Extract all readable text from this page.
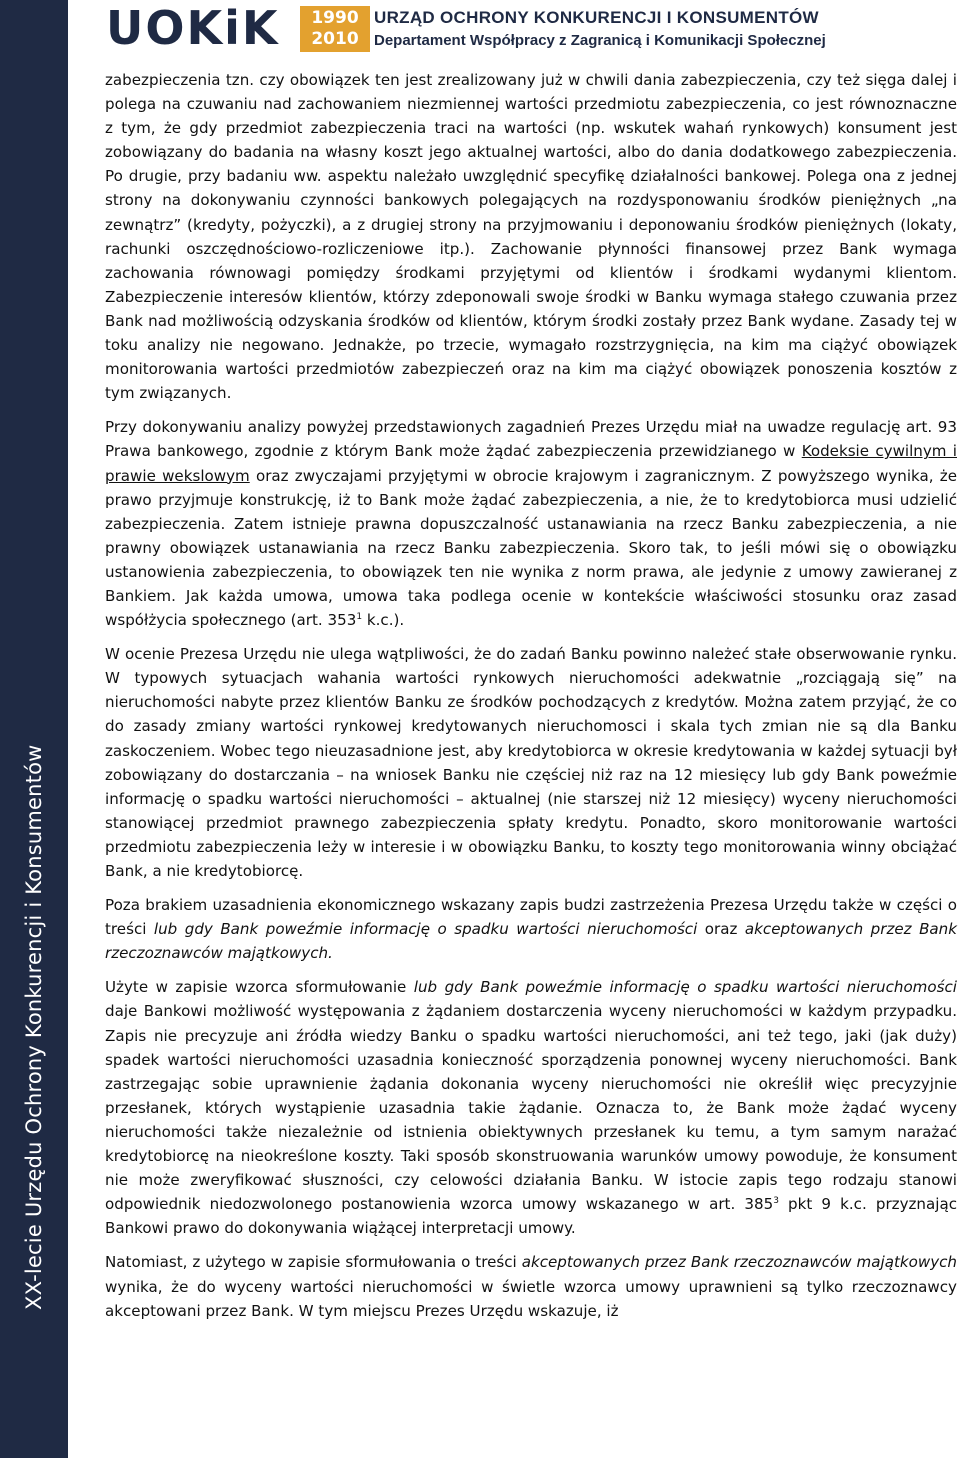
XX-lecie Urzędu Ochrony Konkurencji i Konsumentów
UOKiK	1990
2010
URZĄD OCHRONY KONKURENCJI I KONSUMENTÓW
Departament Współpracy z Zagranicą i Komunikacji Społecznej

zabezpieczenia tzn. czy obowiązek ten jest zrealizowany już w chwili dania zabezpieczenia, czy też sięga dalej i polega na czuwaniu nad zachowaniem niezmiennej wartości przedmiotu zabezpieczenia, co jest równoznaczne z tym, że gdy przedmiot zabezpieczenia traci na wartości (np. wskutek wahań rynkowych) konsument jest zobowiązany do badania na własny koszt jego aktualnej wartości, albo do dania dodatkowego zabezpieczenia. Po drugie, przy badaniu ww. aspektu należało uwzględnić specyfikę działalności bankowej. Polega ona z jednej strony na dokonywaniu czynności bankowych polegających na rozdysponowaniu środków pieniężnych „na zewnątrz” (kredyty, pożyczki), a z drugiej strony na przyjmowaniu i deponowaniu środków pieniężnych (lokaty, rachunki oszczędnościowo-rozliczeniowe itp.). Zachowanie płynności finansowej przez Bank wymaga zachowania równowagi pomiędzy środkami przyjętymi od klientów i środkami wydanymi klientom. Zabezpieczenie interesów klientów, którzy zdeponowali swoje środki w Banku wymaga stałego czuwania przez Bank nad możliwością odzyskania środków od klientów, którym środki zostały przez Bank wydane. Zasady tej w toku analizy nie negowano. Jednakże, po trzecie, wymagało rozstrzygnięcia, na kim ma ciążyć obowiązek monitorowania wartości przedmiotów zabezpieczeń oraz na kim ma ciążyć obowiązek ponoszenia kosztów z tym związanych.

Przy dokonywaniu analizy powyżej przedstawionych zagadnień Prezes Urzędu miał na uwadze regulację art. 93 Prawa bankowego, zgodnie z którym Bank może żądać zabezpieczenia przewidzianego w Kodeksie cywilnym i prawie wekslowym oraz zwyczajami przyjętymi w obrocie krajowym i zagranicznym. Z powyższego wynika, że prawo przyjmuje konstrukcję, iż to Bank może żądać zabezpieczenia, a nie, że to kredytobiorca musi udzielić zabezpieczenia. Zatem istnieje prawna dopuszczalność ustanawiania na rzecz Banku zabezpieczenia, a nie prawny obowiązek ustanawiania na rzecz Banku zabezpieczenia. Skoro tak, to jeśli mówi się o obowiązku ustanowienia zabezpieczenia, to obowiązek ten nie wynika z norm prawa, ale jedynie z umowy zawieranej z Bankiem. Jak każda umowa, umowa taka podlega ocenie w kontekście właściwości stosunku oraz zasad współżycia społecznego (art. $353^1$ k.c.).

W ocenie Prezesa Urzędu nie ulega wątpliwości, że do zadań Banku powinno należeć stałe obserwowanie rynku. W typowych sytuacjach wahania wartości rynkowych nieruchomości adekwatnie „rozciągają się” na nieruchomości nabyte przez klientów Banku ze środków pochodzących z kredytów. Można zatem przyjąć, że co do zasady zmiany wartości rynkowej kredytowanych nieruchomosci i skala tych zmian nie są dla Banku zaskoczeniem. Wobec tego nieuzasadnione jest, aby kredytobiorca w okresie kredytowania w każdej sytuacji był zobowiązany do dostarczania – na wniosek Banku nie częściej niż raz na 12 miesięcy lub gdy Bank poweźmie informację o spadku wartości nieruchomości – aktualnej (nie starszej niż 12 miesięcy) wyceny nieruchomości stanowiącej przedmiot prawnego zabezpieczenia spłaty kredytu. Ponadto, skoro monitorowanie wartości przedmiotu zabezpieczenia leży w interesie i w obowiązku Banku, to koszty tego monitorowania winny obciążać Bank, a nie kredytobiorcę.

Poza brakiem uzasadnienia ekonomicznego wskazany zapis budzi zastrzeżenia Prezesa Urzędu także w części o treści lub gdy Bank poweźmie informację o spadku wartości nieruchomości oraz akceptowanych przez Bank rzeczoznawców majątkowych.

Użyte w zapisie wzorca sformułowanie lub gdy Bank poweźmie informację o spadku wartości nieruchomości daje Bankowi możliwość występowania z żądaniem dostarczenia wyceny nieruchomości w każdym przypadku. Zapis nie precyzuje ani źródła wiedzy Banku o spadku wartości nieruchomości, ani też tego, jaki (jak duży) spadek wartości nieruchomości uzasadnia konieczność sporządzenia ponownej wyceny nieruchomości. Bank zastrzegając sobie uprawnienie żądania dokonania wyceny nieruchomości nie określił więc precyzyjnie przesłanek, których wystąpienie uzasadnia takie żądanie. Oznacza to, że Bank może żądać wyceny nieruchomości także niezależnie od istnienia obiektywnych przesłanek ku temu, a tym samym narażać kredytobiorcę na nieokreślone koszty. Taki sposób skonstruowania warunków umowy powoduje, że konsument nie może zweryfikować słuszności, czy celowości działania Banku. W istocie zapis tego rodzaju stanowi odpowiednik niedozwolonego postanowienia wzorca umowy wskazanego w art. $385^3$ pkt 9 k.c. przyznając Bankowi prawo do dokonywania wiążącej interpretacji umowy.

Natomiast, z użytego w zapisie sformułowania o treści akceptowanych przez Bank rzeczoznawców majątkowych wynika, że do wyceny wartości nieruchomości w świetle wzorca umowy uprawnieni są tylko rzeczoznawcy akceptowani przez Bank. W tym miejscu Prezes Urzędu wskazuje, iż
